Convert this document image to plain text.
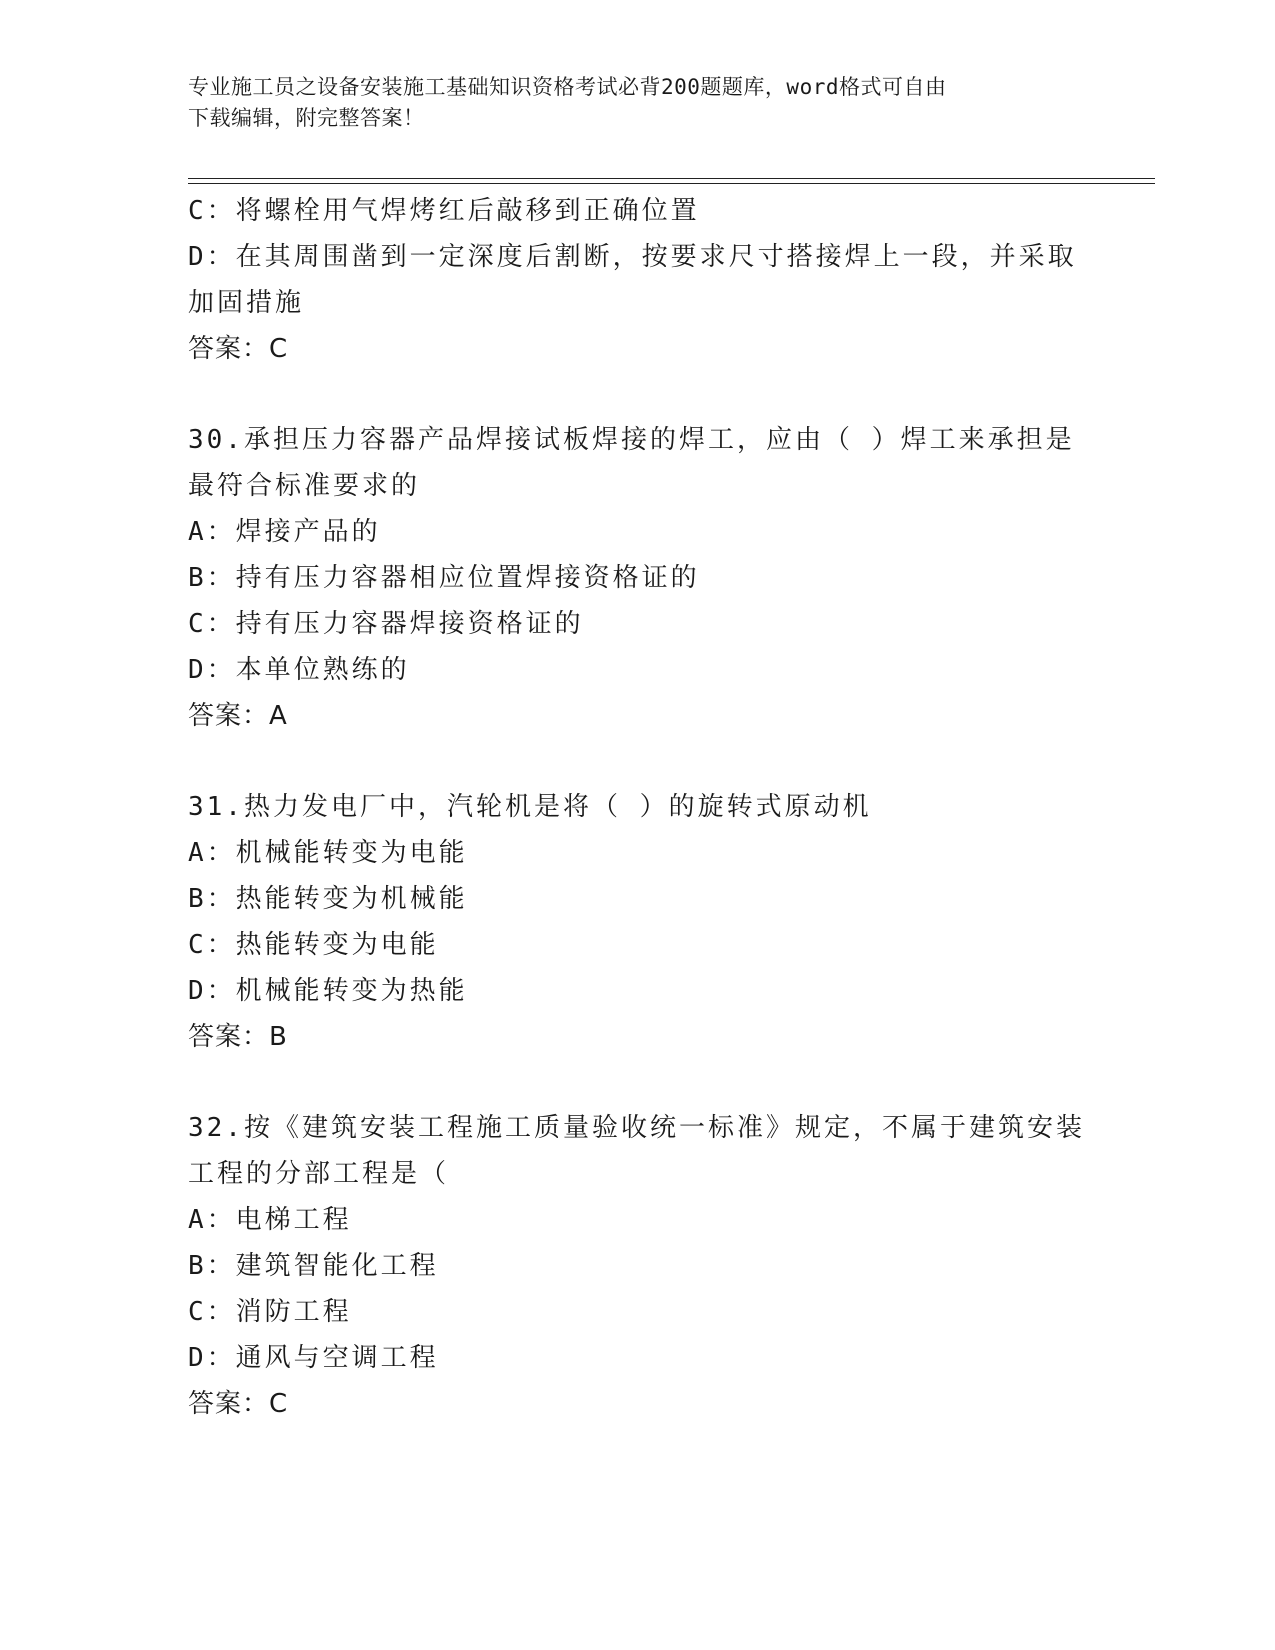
专业施工员之设备安装施工基础知识资格考试必背200题题库，word格式可自由
下载编辑，附完整答案！
C：将螺栓用气焊烤红后敲移到正确位置
D：在其周围凿到一定深度后割断，按要求尺寸搭接焊上一段，并采取
加固措施
答案：C
30.承担压力容器产品焊接试板焊接的焊工，应由（ ）焊工来承担是
最符合标准要求的
A：焊接产品的
B：持有压力容器相应位置焊接资格证的
C：持有压力容器焊接资格证的
D：本单位熟练的
答案：A
31.热力发电厂中，汽轮机是将（ ）的旋转式原动机
A：机械能转变为电能
B：热能转变为机械能
C：热能转变为电能
D：机械能转变为热能
答案：B
32.按《建筑安装工程施工质量验收统一标准》规定，不属于建筑安装
工程的分部工程是（
A：电梯工程
B：建筑智能化工程
C：消防工程
D：通风与空调工程
答案：C
